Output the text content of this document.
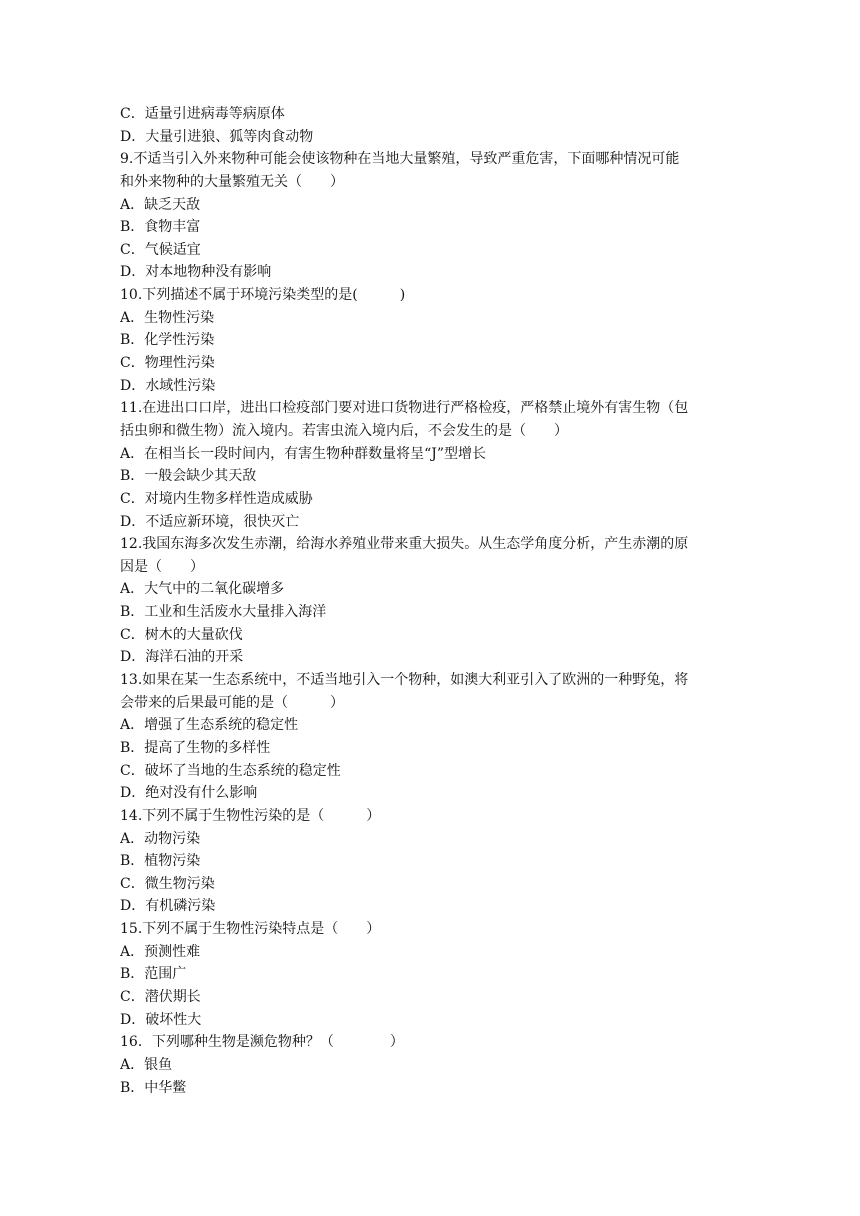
C．适量引进病毒等病原体
D．大量引进狼、狐等肉食动物
9.不适当引入外来物种可能会使该物种在当地大量繁殖，导致严重危害，下面哪种情况可能
和外来物种的大量繁殖无关（　　）
A．缺乏天敌
B．食物丰富
C．气候适宜
D．对本地物种没有影响
10.下列描述不属于环境污染类型的是(　　　)
A．生物性污染
B．化学性污染
C．物理性污染
D．水域性污染
11.在进出口口岸，进出口检疫部门要对进口货物进行严格检疫，严格禁止境外有害生物（包
括虫卵和微生物）流入境内。若害虫流入境内后，不会发生的是（　　）
A．在相当长一段时间内，有害生物种群数量将呈“J”型增长
B．一般会缺少其天敌
C．对境内生物多样性造成威胁
D．不适应新环境，很快灭亡
12.我国东海多次发生赤潮，给海水养殖业带来重大损失。从生态学角度分析，产生赤潮的原
因是（　　）
A．大气中的二氧化碳增多
B．工业和生活废水大量排入海洋
C．树木的大量砍伐
D．海洋石油的开采
13.如果在某一生态系统中，不适当地引入一个物种，如澳大利亚引入了欧洲的一种野兔，将
会带来的后果最可能的是（　　　）
A．增强了生态系统的稳定性
B．提高了生物的多样性
C．破坏了当地的生态系统的稳定性
D．绝对没有什么影响
14.下列不属于生物性污染的是（　　　）
A．动物污染
B．植物污染
C．微生物污染
D．有机磷污染
15.下列不属于生物性污染特点是（　　）
A．预测性难
B．范围广
C．潜伏期长
D．破坏性大
16．下列哪种生物是濒危物种？（　　　　）
A．银鱼
B．中华鳖
